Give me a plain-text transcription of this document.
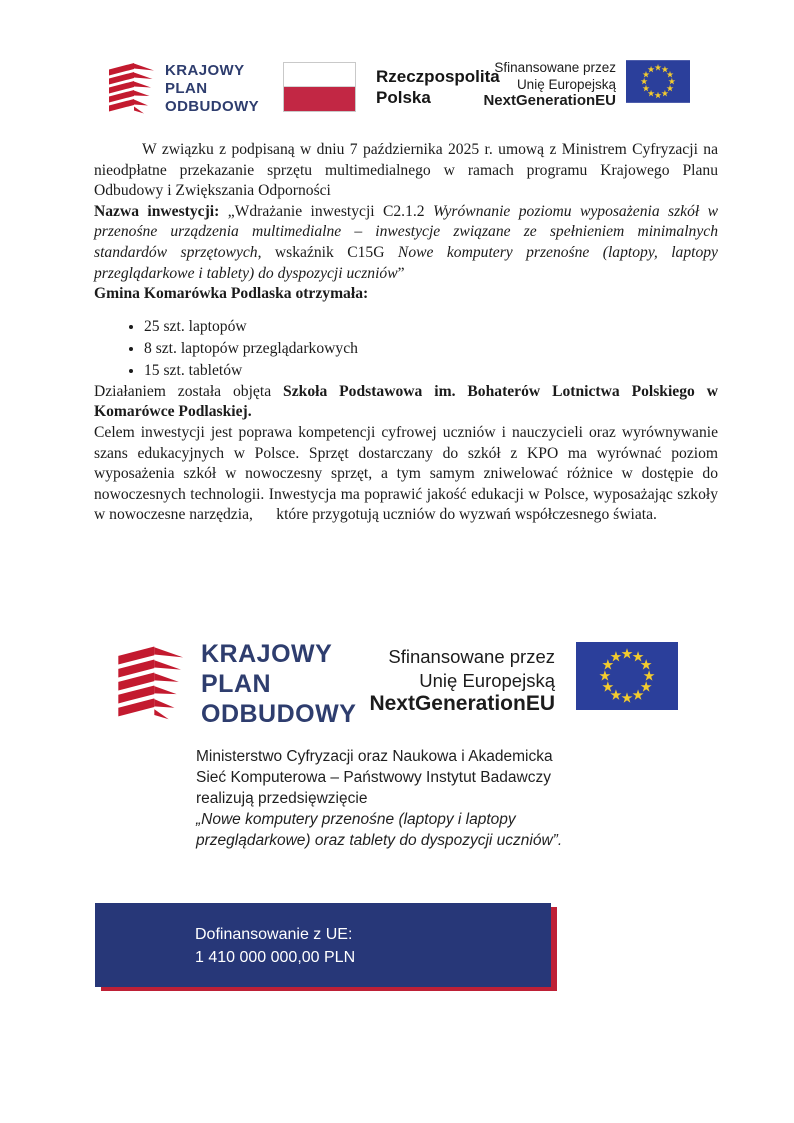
KRAJOWY
PLAN
ODBUDOWY
Rzeczpospolita
Polska
Sfinansowane przez
Unię Europejską
NextGenerationEU

W związku z podpisaną w dniu 7 października 2025 r. umową z Ministrem Cyfryzacji na nieodpłatne przekazanie sprzętu multimedialnego w ramach programu Krajowego Planu Odbudowy i Zwiększania Odporności

Nazwa inwestycji: „Wdrażanie inwestycji C2.1.2 Wyrównanie poziomu wyposażenia szkół w przenośne urządzenia multimedialne – inwestycje związane ze spełnieniem minimalnych standardów sprzętowych, wskaźnik C15G Nowe komputery przenośne (laptopy, laptopy przeglądarkowe i tablety) do dyspozycji uczniów”

Gmina Komarówka Podlaska otrzymała:

• 25 szt. laptopów
• 8 szt. laptopów przeglądarkowych
• 15 szt. tabletów

Działaniem została objęta Szkoła Podstawowa im. Bohaterów Lotnictwa Polskiego w Komarówce Podlaskiej.

Celem inwestycji jest poprawa kompetencji cyfrowej uczniów i nauczycieli oraz wyrównywanie szans edukacyjnych w Polsce. Sprzęt dostarczany do szkół z KPO ma wyrównać poziom wyposażenia szkół w nowoczesny sprzęt, a tym samym zniwelować różnice w dostępie do nowoczesnych technologii. Inwestycja ma poprawić jakość edukacji w Polsce, wyposażając szkoły w nowoczesne narzędzia,      które przygotują uczniów do wyzwań współczesnego świata.

KRAJOWY
PLAN
ODBUDOWY
Sfinansowane przez
Unię Europejską
NextGenerationEU
Ministerstwo Cyfryzacji oraz Naukowa i Akademicka
Sieć Komputerowa – Państwowy Instytut Badawczy
realizują przedsięwzięcie
„Nowe komputery przenośne (laptopy i laptopy
przeglądarkowe) oraz tablety do dyspozycji uczniów”.
Dofinansowanie z UE:
1 410 000 000,00 PLN
